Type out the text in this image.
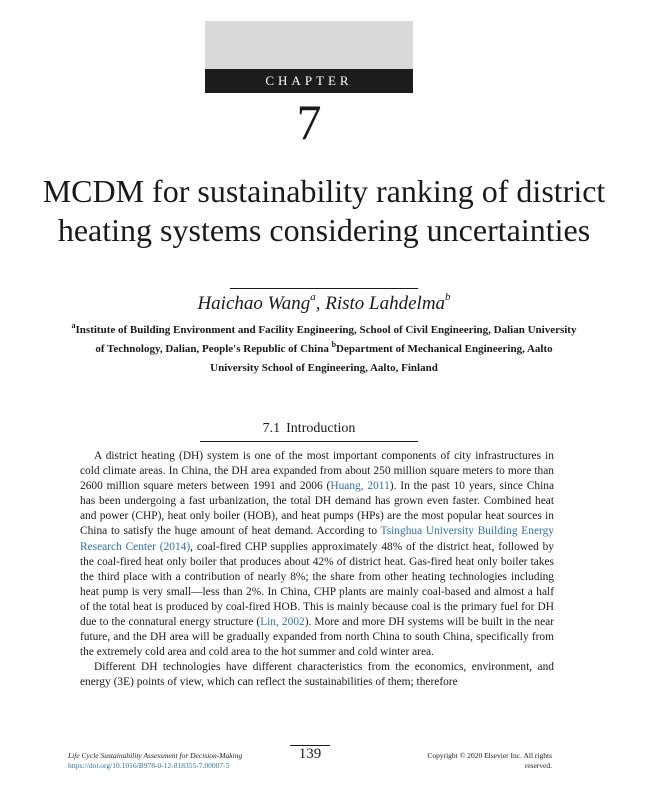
CHAPTER
7
MCDM for sustainability ranking of district heating systems considering uncertainties
Haichao Wang$^a$, Risto Lahdelma$^b$
$^a$Institute of Building Environment and Facility Engineering, School of Civil Engineering, Dalian University of Technology, Dalian, People's Republic of China $^b$Department of Mechanical Engineering, Aalto University School of Engineering, Aalto, Finland
7.1 Introduction

A district heating (DH) system is one of the most important components of city infrastructures in cold climate areas. In China, the DH area expanded from about 250 million square meters to more than 2600 million square meters between 1991 and 2006 (Huang, 2011). In the past 10 years, since China has been undergoing a fast urbanization, the total DH demand has grown even faster. Combined heat and power (CHP), heat only boiler (HOB), and heat pumps (HPs) are the most popular heat sources in China to satisfy the huge amount of heat demand. According to Tsinghua University Building Energy Research Center (2014), coal-fired CHP supplies approximately 48% of the district heat, followed by the coal-fired heat only boiler that produces about 42% of district heat. Gas-fired heat only boiler takes the third place with a contribution of nearly 8%; the share from other heating technologies including heat pump is very small—less than 2%. In China, CHP plants are mainly coal-based and almost a half of the total heat is produced by coal-fired HOB. This is mainly because coal is the primary fuel for DH due to the connatural energy structure (Lin, 2002). More and more DH systems will be built in the near future, and the DH area will be gradually expanded from north China to south China, specifically from the extremely cold area and cold area to the hot summer and cold winter area.

Different DH technologies have different characteristics from the economics, environment, and energy (3E) points of view, which can reflect the sustainabilities of them; therefore

Life Cycle Sustainability Assessment for Decision-Making
https://doi.org/10.1016/B978-0-12-818355-7.00007-5
139	Copyright © 2020 Elsevier Inc. All rights reserved.
